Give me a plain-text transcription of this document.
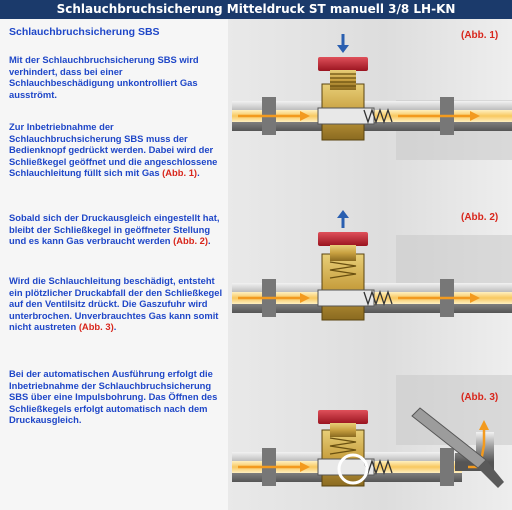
Schlauchbruchsicherung Mitteldruck ST manuell 3/8 LH-KN

Schlauchbruchsicherung SBS

Mit der Schlauchbruchsicherung SBS wird verhindert, dass bei einer Schlauchbeschädigung unkontrolliert Gas ausströmt.

Zur Inbetriebnahme der Schlauchbruchsicherung SBS muss der Bedienknopf gedrückt werden. Dabei wird der Schließkegel geöffnet und die angeschlossene Schlauchleitung füllt sich mit Gas (Abb. 1).

Sobald sich der Druckausgleich eingestellt hat, bleibt der Schließkegel in geöffneter Stellung und es kann Gas verbraucht werden (Abb. 2).

Wird die Schlauchleitung beschädigt, entsteht ein plötzlicher Druckabfall der den Schließkegel auf den Ventilsitz drückt. Die Gaszufuhr wird unterbrochen. Unverbrauchtes Gas kann somit nicht austreten (Abb. 3).

Bei der automatischen Ausführung erfolgt die Inbetriebnahme der Schlauchbruchsicherung SBS über eine Impulsbohrung. Das Öffnen des Schließkegels erfolgt automatisch nach dem Druckausgleich.

(Abb. 1)
(Abb. 2)
(Abb. 3)
